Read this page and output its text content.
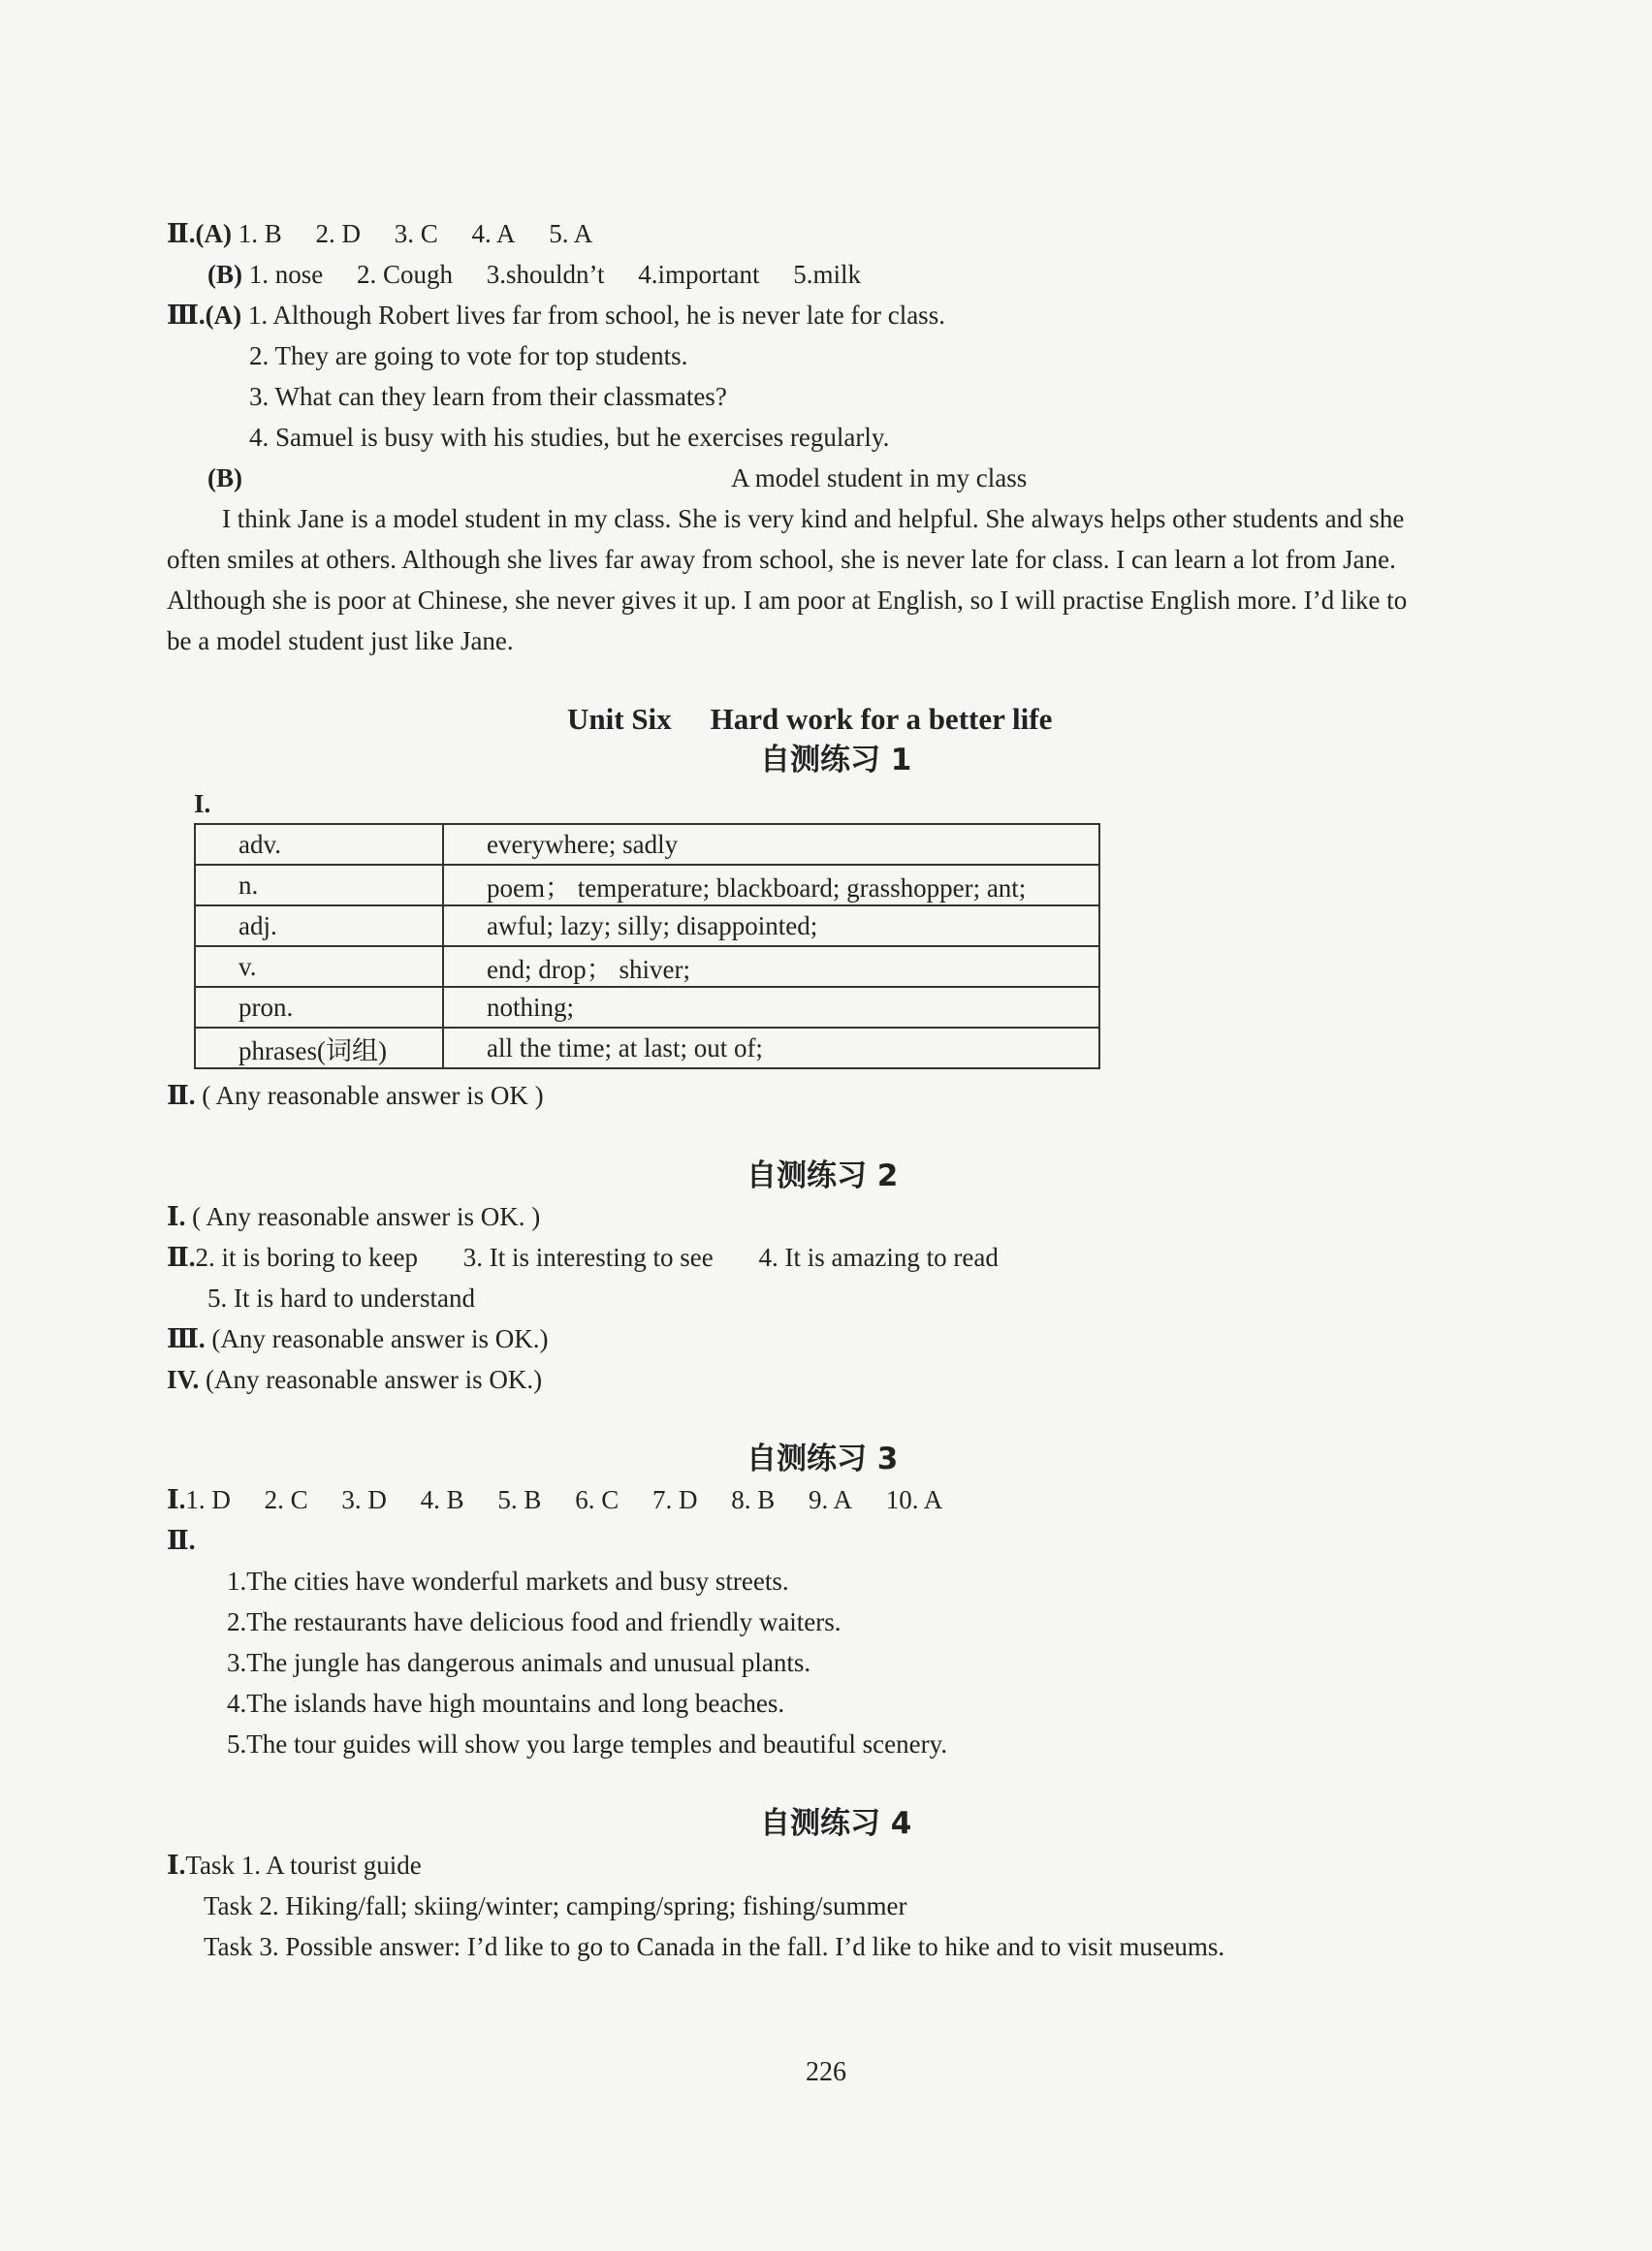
Ⅱ.(A) 1. B 2. D 3. C 4. A 5. A
(B) 1. nose 2. Cough 3.shouldn’t 4.important 5.milk
Ⅲ.(A) 1. Although Robert lives far from school, he is never late for class.
2. They are going to vote for top students.
3. What can they learn from their classmates?
4. Samuel is busy with his studies, but he exercises regularly.
(B)	A model student in my class
I think Jane is a model student in my class. She is very kind and helpful. She always helps other students and she
often smiles at others. Although she lives far away from school, she is never late for class. I can learn a lot from Jane.
Although she is poor at Chinese, she never gives it up. I am poor at English, so I will practise English more. I’d like to
be a model student just like Jane.
Unit Six Hard work for a better life
自测练习 1
I.
adv.	everywhere; sadly
n.	poem； temperature; blackboard; grasshopper; ant;
adj.	awful; lazy; silly; disappointed;
v.	end; drop； shiver;
pron.	nothing;
phrases(词组)	all the time; at last; out of;
Ⅱ. ( Any reasonable answer is OK )
自测练习 2
Ⅰ. ( Any reasonable answer is OK. )
Ⅱ.2. it is boring to keep 3. It is interesting to see 4. It is amazing to read
5. It is hard to understand
Ⅲ. (Any reasonable answer is OK.)
IV. (Any reasonable answer is OK.)
自测练习 3
Ⅰ.1. D 2. C 3. D 4. B 5. B 6. C 7. D 8. B 9. A 10. A
Ⅱ.
1.The cities have wonderful markets and busy streets.
2.The restaurants have delicious food and friendly waiters.
3.The jungle has dangerous animals and unusual plants.
4.The islands have high mountains and long beaches.
5.The tour guides will show you large temples and beautiful scenery.
自测练习 4
Ⅰ.Task 1. A tourist guide
Task 2. Hiking/fall; skiing/winter; camping/spring; fishing/summer
Task 3. Possible answer: I’d like to go to Canada in the fall. I’d like to hike and to visit museums.
226
